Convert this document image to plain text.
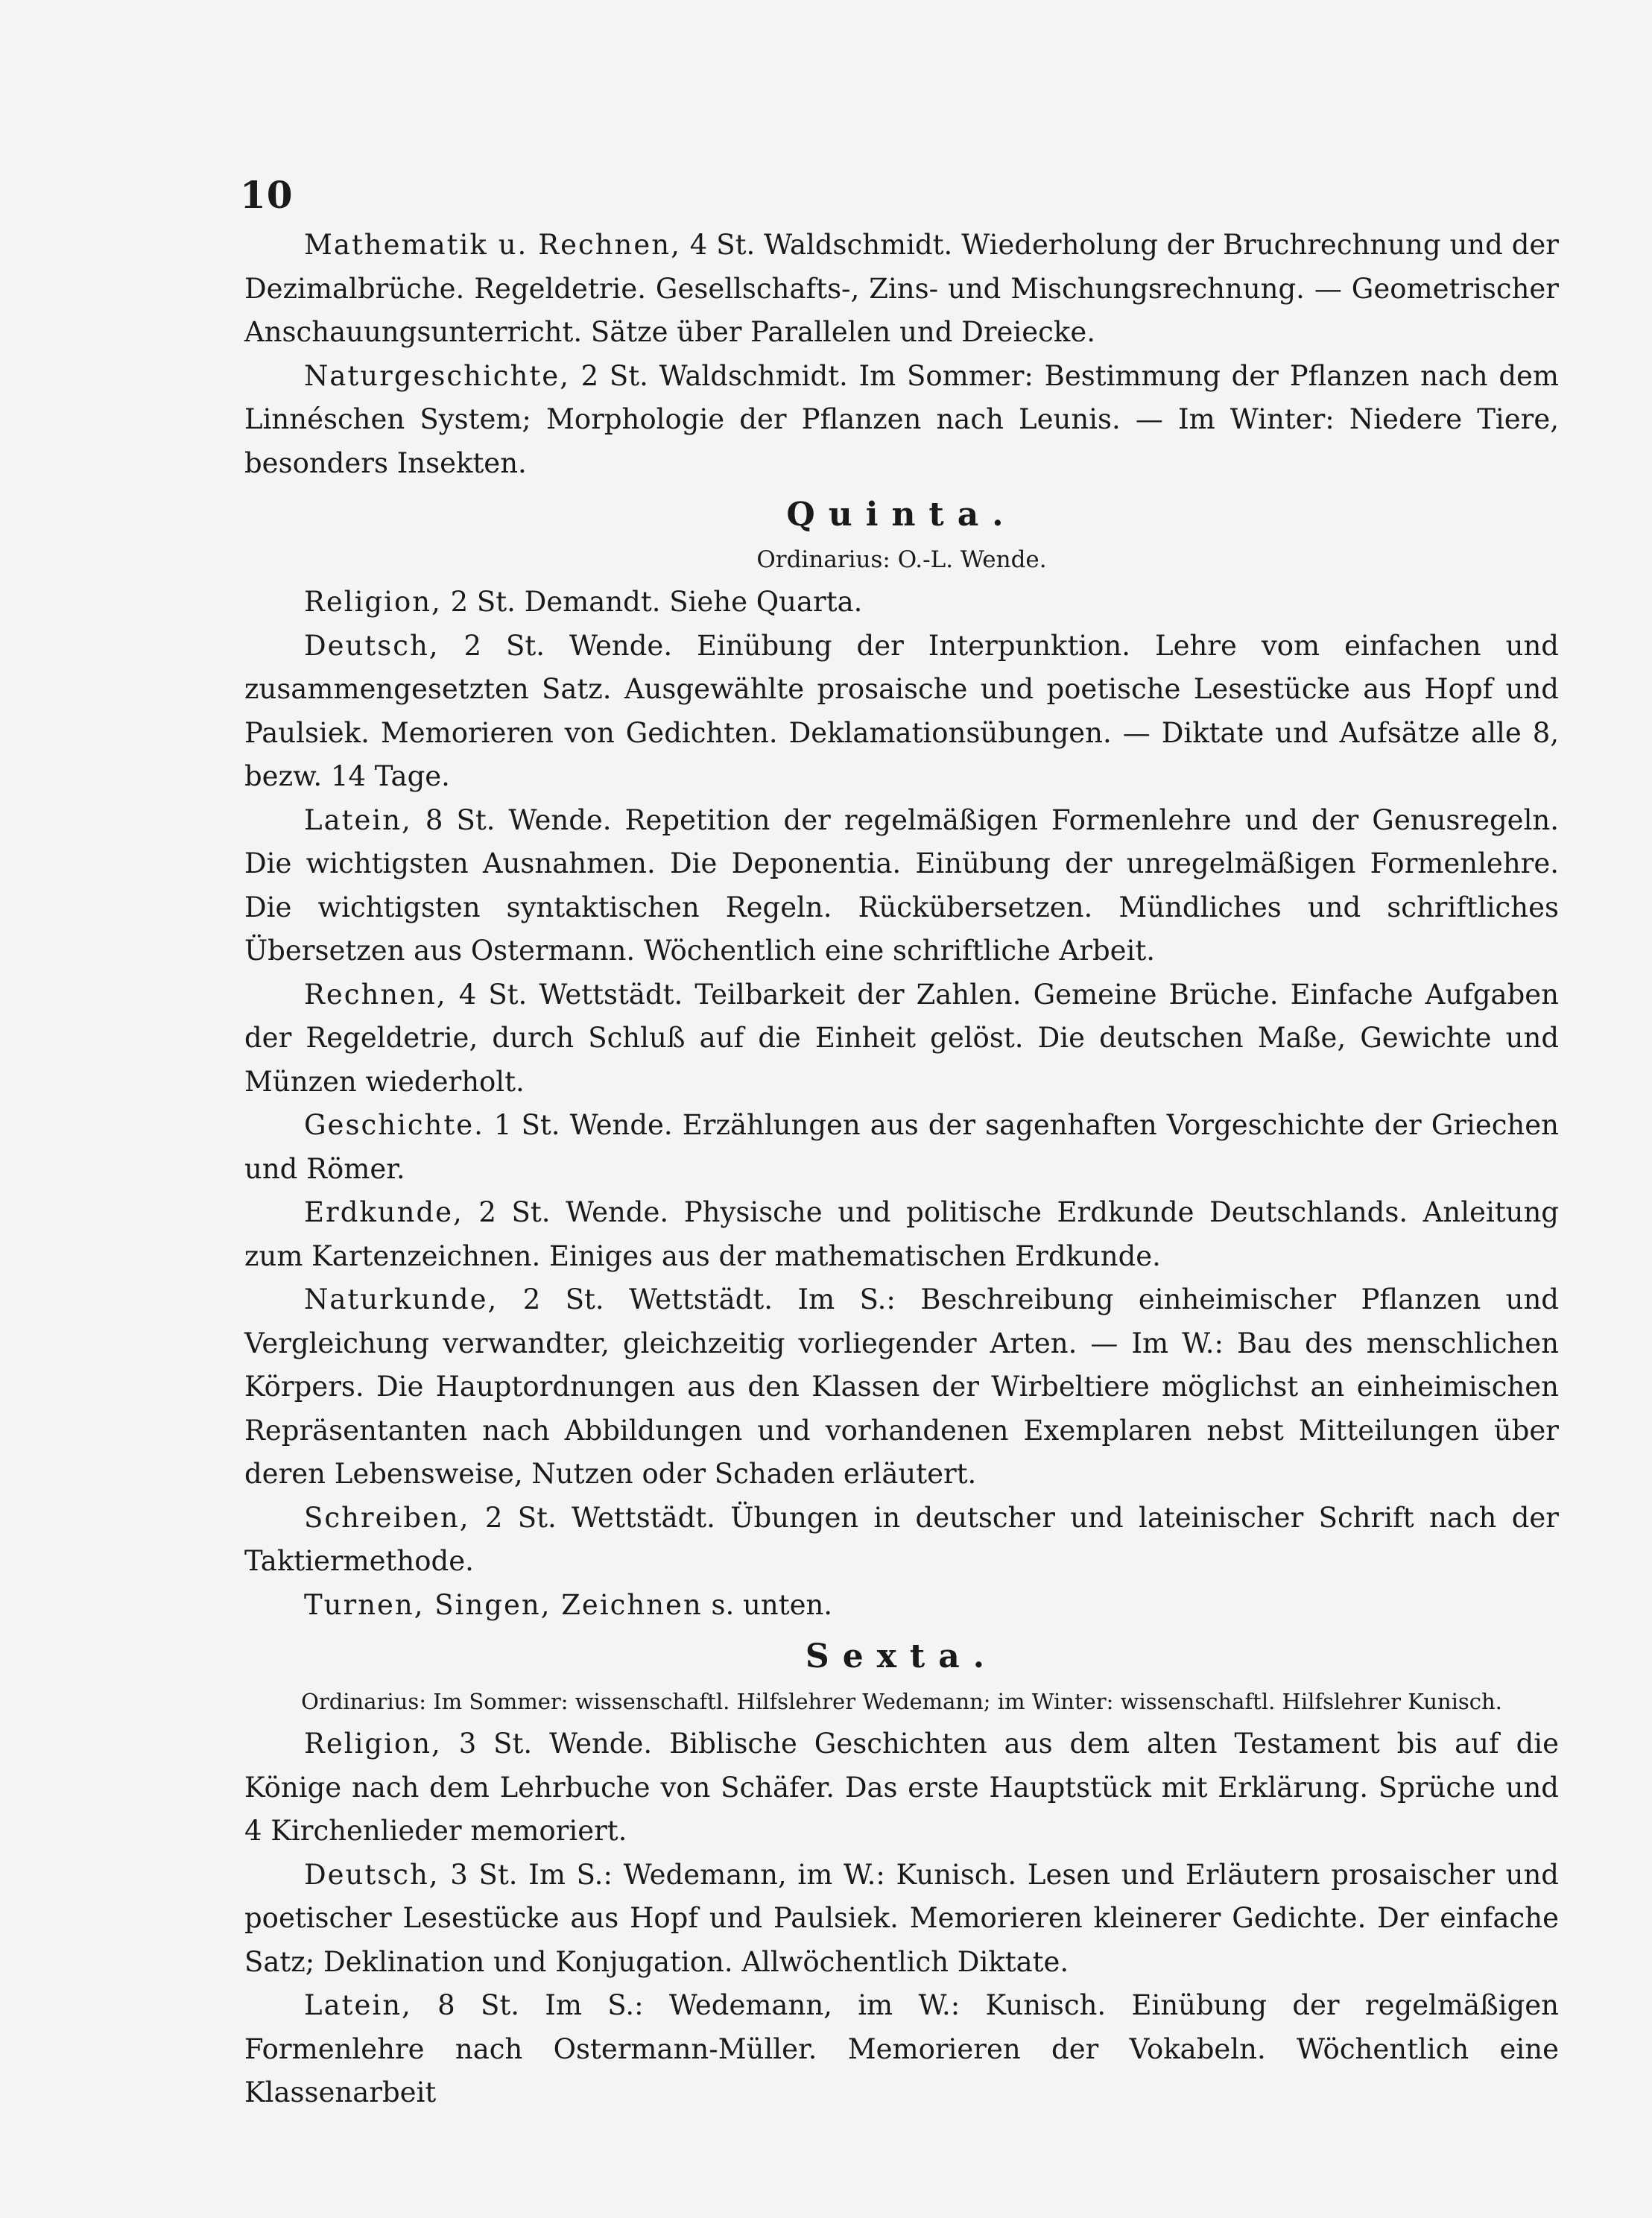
10

Mathematik u. Rechnen, 4 St. Waldschmidt. Wiederholung der Bruchrechnung und der Dezimalbrüche. Regeldetrie. Gesellschafts-, Zins- und Mischungsrechnung. — Geometrischer Anschauungsunterricht. Sätze über Parallelen und Dreiecke.

Naturgeschichte, 2 St. Waldschmidt. Im Sommer: Bestimmung der Pflanzen nach dem Linnéschen System; Morphologie der Pflanzen nach Leunis. — Im Winter: Niedere Tiere, besonders Insekten.

Quinta.
Ordinarius: O.-L. Wende.

Religion, 2 St. Demandt. Siehe Quarta.

Deutsch, 2 St. Wende. Einübung der Interpunktion. Lehre vom einfachen und zusammengesetzten Satz. Ausgewählte prosaische und poetische Lesestücke aus Hopf und Paulsiek. Memorieren von Gedichten. Deklamationsübungen. — Diktate und Aufsätze alle 8, bezw. 14 Tage.

Latein, 8 St. Wende. Repetition der regelmäßigen Formenlehre und der Genusregeln. Die wichtigsten Ausnahmen. Die Deponentia. Einübung der unregelmäßigen Formenlehre. Die wichtigsten syntaktischen Regeln. Rückübersetzen. Mündliches und schriftliches Übersetzen aus Ostermann. Wöchentlich eine schriftliche Arbeit.

Rechnen, 4 St. Wettstädt. Teilbarkeit der Zahlen. Gemeine Brüche. Einfache Aufgaben der Regeldetrie, durch Schluß auf die Einheit gelöst. Die deutschen Maße, Gewichte und Münzen wiederholt.

Geschichte. 1 St. Wende. Erzählungen aus der sagenhaften Vorgeschichte der Griechen und Römer.

Erdkunde, 2 St. Wende. Physische und politische Erdkunde Deutschlands. Anleitung zum Kartenzeichnen. Einiges aus der mathematischen Erdkunde.

Naturkunde, 2 St. Wettstädt. Im S.: Beschreibung einheimischer Pflanzen und Vergleichung verwandter, gleichzeitig vorliegender Arten. — Im W.: Bau des menschlichen Körpers. Die Hauptordnungen aus den Klassen der Wirbeltiere möglichst an einheimischen Repräsentanten nach Abbildungen und vorhandenen Exemplaren nebst Mitteilungen über deren Lebensweise, Nutzen oder Schaden erläutert.

Schreiben, 2 St. Wettstädt. Übungen in deutscher und lateinischer Schrift nach der Taktiermethode.

Turnen, Singen, Zeichnen s. unten.

Sexta.
Ordinarius: Im Sommer: wissenschaftl. Hilfslehrer Wedemann; im Winter: wissenschaftl. Hilfslehrer Kunisch.

Religion, 3 St. Wende. Biblische Geschichten aus dem alten Testament bis auf die Könige nach dem Lehrbuche von Schäfer. Das erste Hauptstück mit Erklärung. Sprüche und 4 Kirchenlieder memoriert.

Deutsch, 3 St. Im S.: Wedemann, im W.: Kunisch. Lesen und Erläutern prosaischer und poetischer Lesestücke aus Hopf und Paulsiek. Memorieren kleinerer Gedichte. Der einfache Satz; Deklination und Konjugation. Allwöchentlich Diktate.

Latein, 8 St. Im S.: Wedemann, im W.: Kunisch. Einübung der regelmäßigen Formenlehre nach Ostermann-Müller. Memorieren der Vokabeln. Wöchentlich eine Klassenarbeit
